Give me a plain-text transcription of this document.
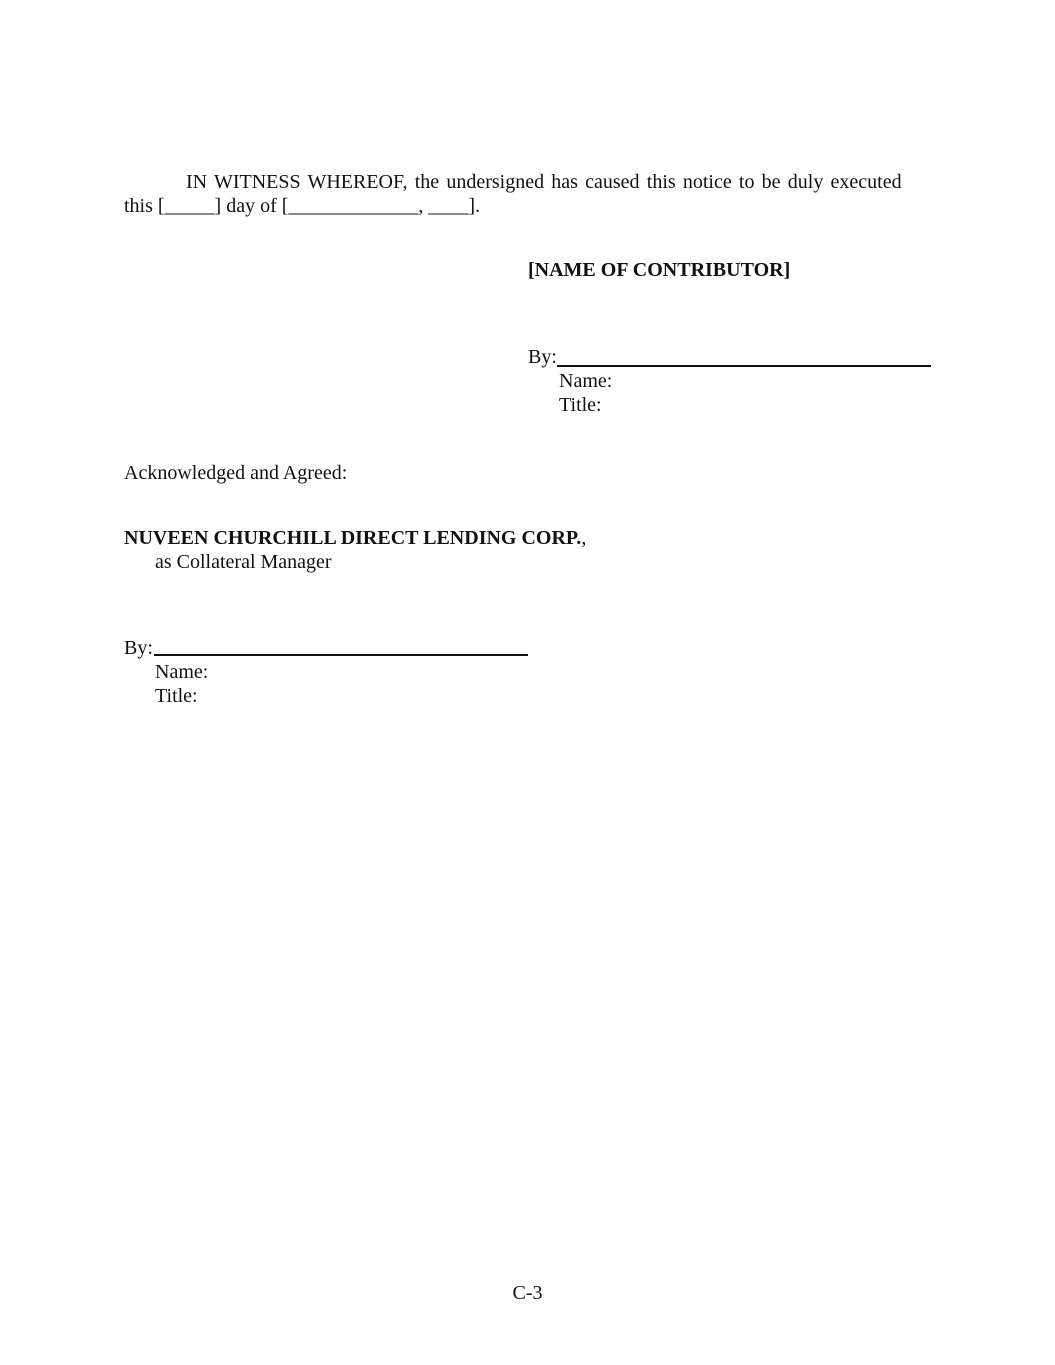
IN WITNESS WHEREOF, the undersigned has caused this notice to be duly executed
this [_____] day of [_____________, ____].
[NAME OF CONTRIBUTOR]
By:
Name:
Title:
Acknowledged and Agreed:
NUVEEN CHURCHILL DIRECT LENDING CORP.,
as Collateral Manager
By:
Name:
Title:
C-3
